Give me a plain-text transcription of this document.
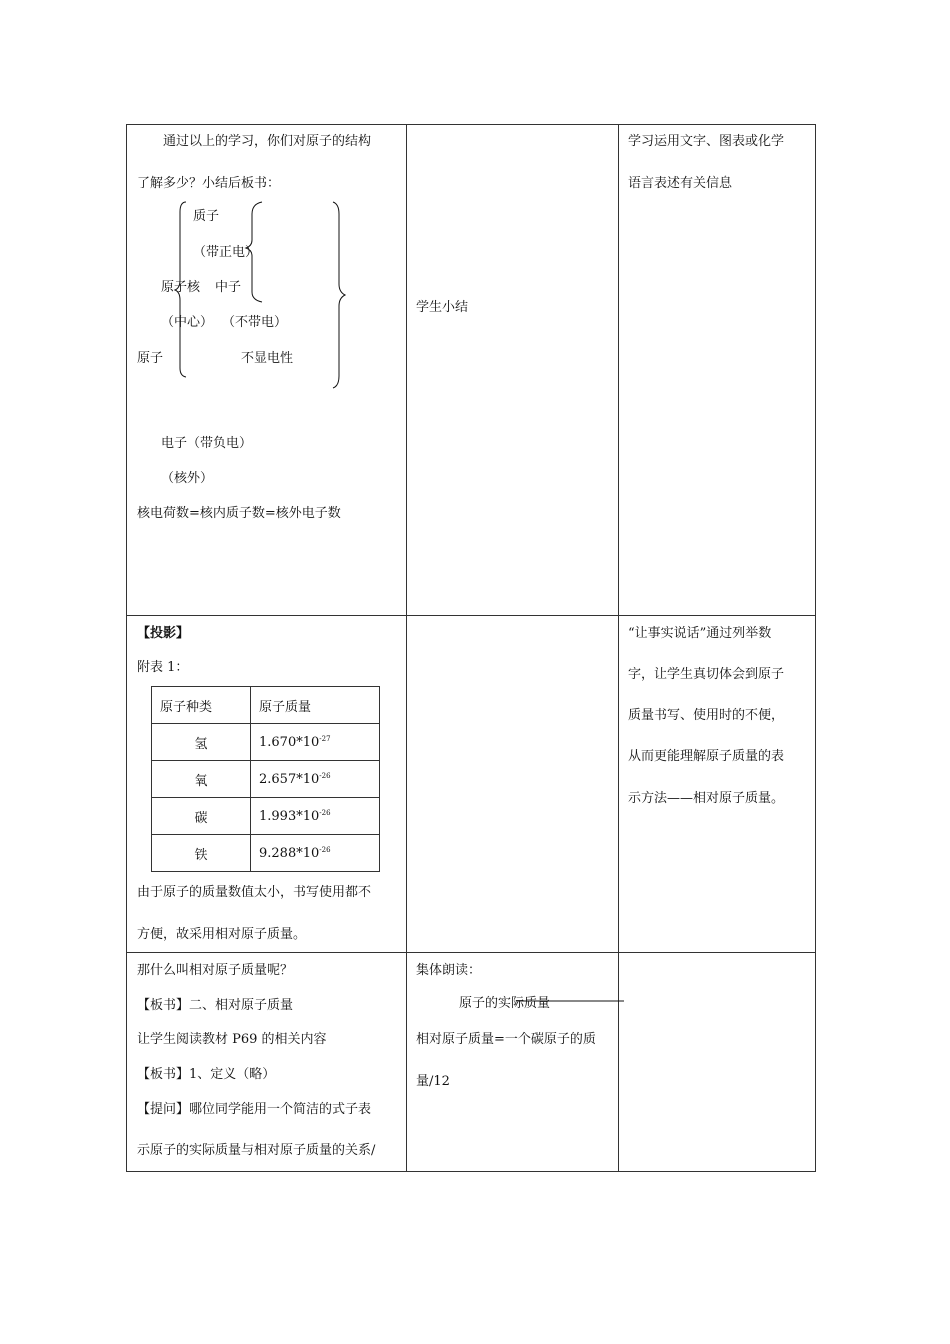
通过以上的学习，你们对原子的结构
了解多少？小结后板书：
质子
（带正电）
原子核 中子
（中心） （不带电）
原子	不显电性
电子（带负电）
（核外）
核电荷数=核内质子数=核外电子数
学生小结
学习运用文字、图表或化学
语言表述有关信息
【投影】
附表 1：
原子种类	原子质量
氢	$1.670*10^{-27}$
氧	$2.657*10^{-26}$
碳	$1.993*10^{-26}$
铁	$9.288*10^{-26}$
由于原子的质量数值太小，书写使用都不
方便，故采用相对原子质量。
“让事实说话”通过列举数
字，让学生真切体会到原子
质量书写、使用时的不便，
从而更能理解原子质量的表
示方法——相对原子质量。
那什么叫相对原子质量呢？
【板书】二、相对原子质量
让学生阅读教材 P69 的相关内容
【板书】1、定义（略）
【提问】哪位同学能用一个简洁的式子表
示原子的实际质量与相对原子质量的关系/
集体朗读：
原子的实际质量
相对原子质量=一个碳原子的质
量/12
